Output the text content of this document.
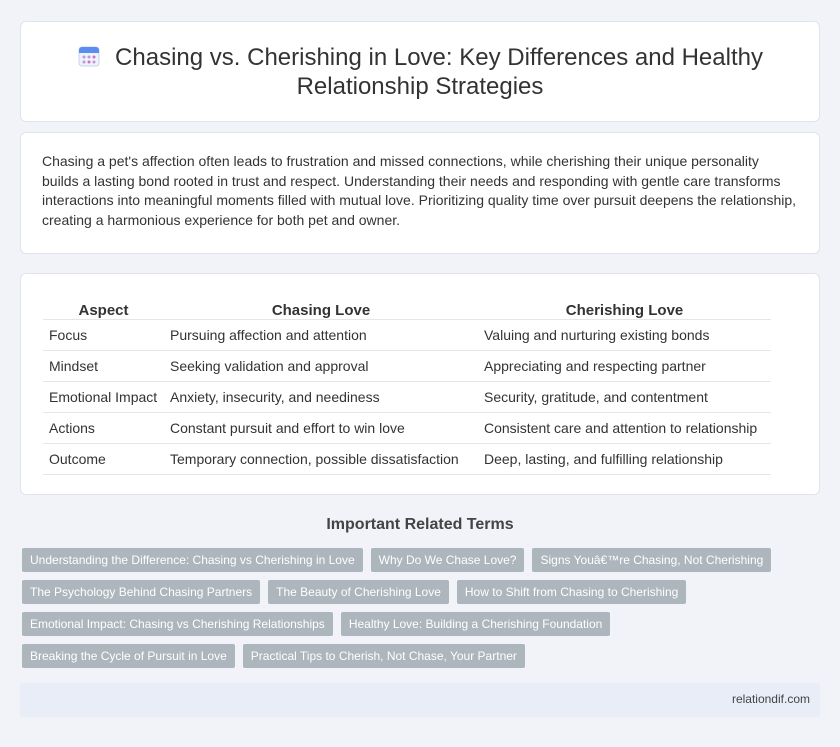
Chasing vs. Cherishing in Love: Key Differences and Healthy Relationship Strategies

Chasing a pet's affection often leads to frustration and missed connections, while cherishing their unique personality builds a lasting bond rooted in trust and respect. Understanding their needs and responding with gentle care transforms interactions into meaningful moments filled with mutual love. Prioritizing quality time over pursuit deepens the relationship, creating a harmonious experience for both pet and owner.

Aspect	Chasing Love	Cherishing Love
Focus	Pursuing affection and attention	Valuing and nurturing existing bonds
Mindset	Seeking validation and approval	Appreciating and respecting partner
Emotional Impact	Anxiety, insecurity, and neediness	Security, gratitude, and contentment
Actions	Constant pursuit and effort to win love	Consistent care and attention to relationship
Outcome	Temporary connection, possible dissatisfaction	Deep, lasting, and fulfilling relationship
Important Related Terms
Understanding the Difference: Chasing vs Cherishing in Love	Why Do We Chase Love?	Signs Youâ€™re Chasing, Not Cherishing
The Psychology Behind Chasing Partners	The Beauty of Cherishing Love	How to Shift from Chasing to Cherishing
Emotional Impact: Chasing vs Cherishing Relationships	Healthy Love: Building a Cherishing Foundation
Breaking the Cycle of Pursuit in Love	Practical Tips to Cherish, Not Chase, Your Partner
relationdif.com
